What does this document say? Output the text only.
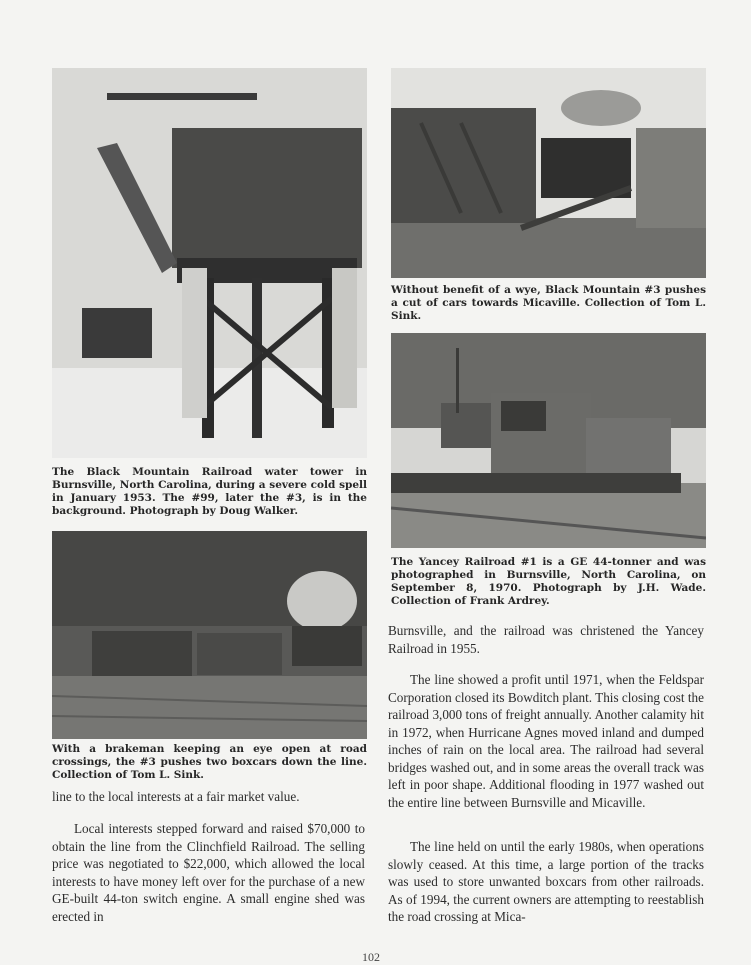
The Black Mountain Railroad water tower in Burnsville, North Carolina, during a severe cold spell in January 1953. The #99, later the #3, is in the background. Photograph by Doug Walker.

Without benefit of a wye, Black Mountain #3 pushes a cut of cars towards Micaville. Collection of Tom L. Sink.

The Yancey Railroad #1 is a GE 44-tonner and was photographed in Burnsville, North Carolina, on September 8, 1970. Photograph by J.H. Wade. Collection of Frank Ardrey.

With a brakeman keeping an eye open at road crossings, the #3 pushes two boxcars down the line. Collection of Tom L. Sink.

line to the local interests at a fair market value.

Local interests stepped forward and raised $70,000 to obtain the line from the Clinchfield Railroad. The selling price was negotiated to $22,000, which allowed the local interests to have money left over for the purchase of a new GE-built 44-ton switch engine. A small engine shed was erected in

Burnsville, and the railroad was christened the Yancey Railroad in 1955.

The line showed a profit until 1971, when the Feldspar Corporation closed its Bowditch plant. This closing cost the railroad 3,000 tons of freight annually. Another calamity hit in 1972, when Hurricane Agnes moved inland and dumped inches of rain on the local area. The railroad had several bridges washed out, and in some areas the overall track was left in poor shape. Additional flooding in 1977 washed out the entire line between Burnsville and Micaville.

The line held on until the early 1980s, when operations slowly ceased. At this time, a large portion of the tracks was used to store unwanted boxcars from other railroads. As of 1994, the current owners are attempting to reestablish the road crossing at Mica-

102
